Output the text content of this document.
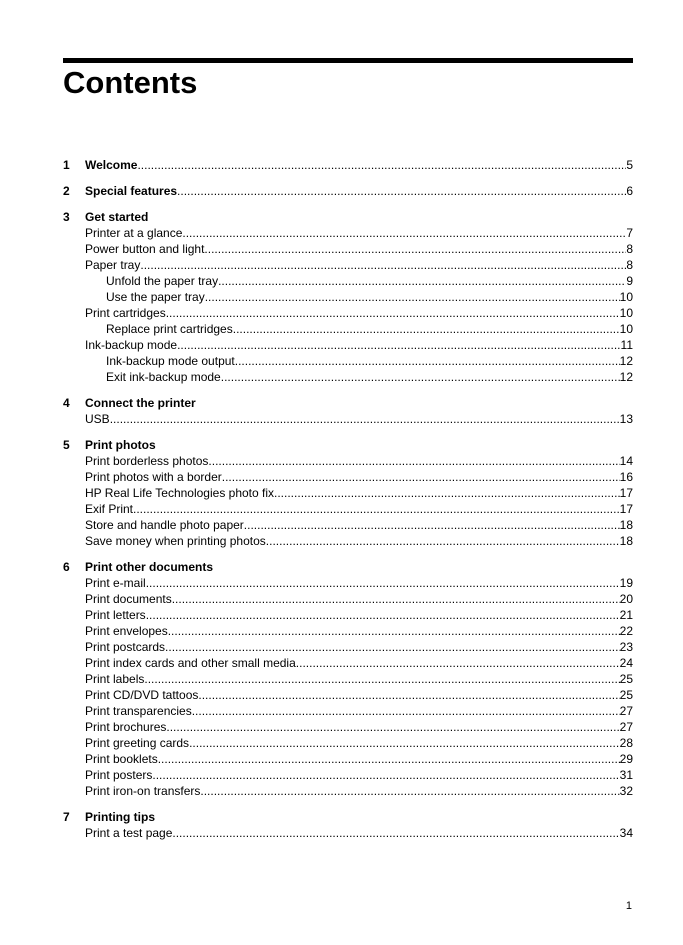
Contents
1	Welcome .....	5
2	Special features .....	6
3	Get started
Printer at a glance .....	7
Power button and light .....	8
Paper tray .....	8
Unfold the paper tray .....	9
Use the paper tray .....	10
Print cartridges .....	10
Replace print cartridges .....	10
Ink-backup mode .....	11
Ink-backup mode output .....	12
Exit ink-backup mode .....	12
4	Connect the printer
USB .....	13
5	Print photos
Print borderless photos .....	14
Print photos with a border .....	16
HP Real Life Technologies photo fix .....	17
Exif Print .....	17
Store and handle photo paper .....	18
Save money when printing photos .....	18
6	Print other documents
Print e-mail .....	19
Print documents .....	20
Print letters .....	21
Print envelopes .....	22
Print postcards .....	23
Print index cards and other small media .....	24
Print labels .....	25
Print CD/DVD tattoos .....	25
Print transparencies .....	27
Print brochures .....	27
Print greeting cards .....	28
Print booklets .....	29
Print posters .....	31
Print iron-on transfers .....	32
7	Printing tips
Print a test page .....	34
1
